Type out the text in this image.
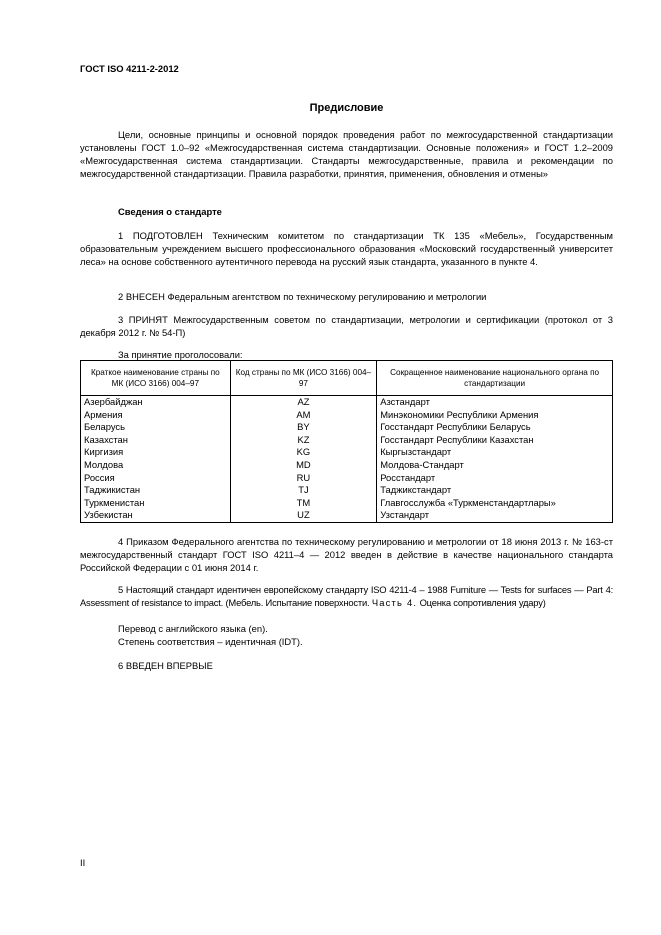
ГОСТ ISO 4211-2-2012
Предисловие
Цели, основные принципы и основной порядок проведения работ по межгосударственной стандартизации установлены ГОСТ 1.0–92 «Межгосударственная система стандартизации. Основные положения» и ГОСТ 1.2–2009 «Межгосударственная система стандартизации. Стандарты межгосударственные, правила и рекомендации по межгосударственной стандартизации. Правила разработки, принятия, применения, обновления и отмены»
Сведения о стандарте
1 ПОДГОТОВЛЕН Техническим комитетом по стандартизации ТК 135 «Мебель», Государственным образовательным учреждением высшего профессионального образования «Московский государственный университет леса» на основе собственного аутентичного перевода на русский язык стандарта, указанного в пункте 4.
2 ВНЕСЕН Федеральным агентством по техническому регулированию и метрологии
3 ПРИНЯТ Межгосударственным советом по стандартизации, метрологии и сертификации (протокол от 3 декабря 2012 г. № 54-П)
За принятие проголосовали:
Краткое наименование страны по МК (ИСО 3166) 004–97	Код страны по МК (ИСО 3166) 004–97	Сокращенное наименование национального органа по стандартизации
Азербайджан	AZ	Азстандарт
Армения	AM	Минэкономики Республики Армения
Беларусь	BY	Госстандарт Республики Беларусь
Казахстан	KZ	Госстандарт Республики Казахстан
Киргизия	KG	Кыргызстандарт
Молдова	MD	Молдова-Стандарт
Россия	RU	Росстандарт
Таджикистан	TJ	Таджикстандарт
Туркменистан	TM	Главгосслужба «Туркменстандартлары»
Узбекистан	UZ	Узстандарт
4 Приказом Федерального агентства по техническому регулированию и метрологии от 18 июня 2013 г. № 163-ст межгосударственный стандарт ГОСТ ISO 4211–4 — 2012 введен в действие в качестве национального стандарта Российской Федерации с 01 июня 2014 г.
5 Настоящий стандарт идентичен европейскому стандарту ISO 4211-4 – 1988 Furniture — Tests for surfaces — Part 4: Assessment of resistance to impact. (Мебель. Испытание поверхности. Часть 4. Оценка сопротивления удару)
Перевод с английского языка (en).
Степень соответствия – идентичная (IDT).
6 ВВЕДЕН ВПЕРВЫЕ
II
